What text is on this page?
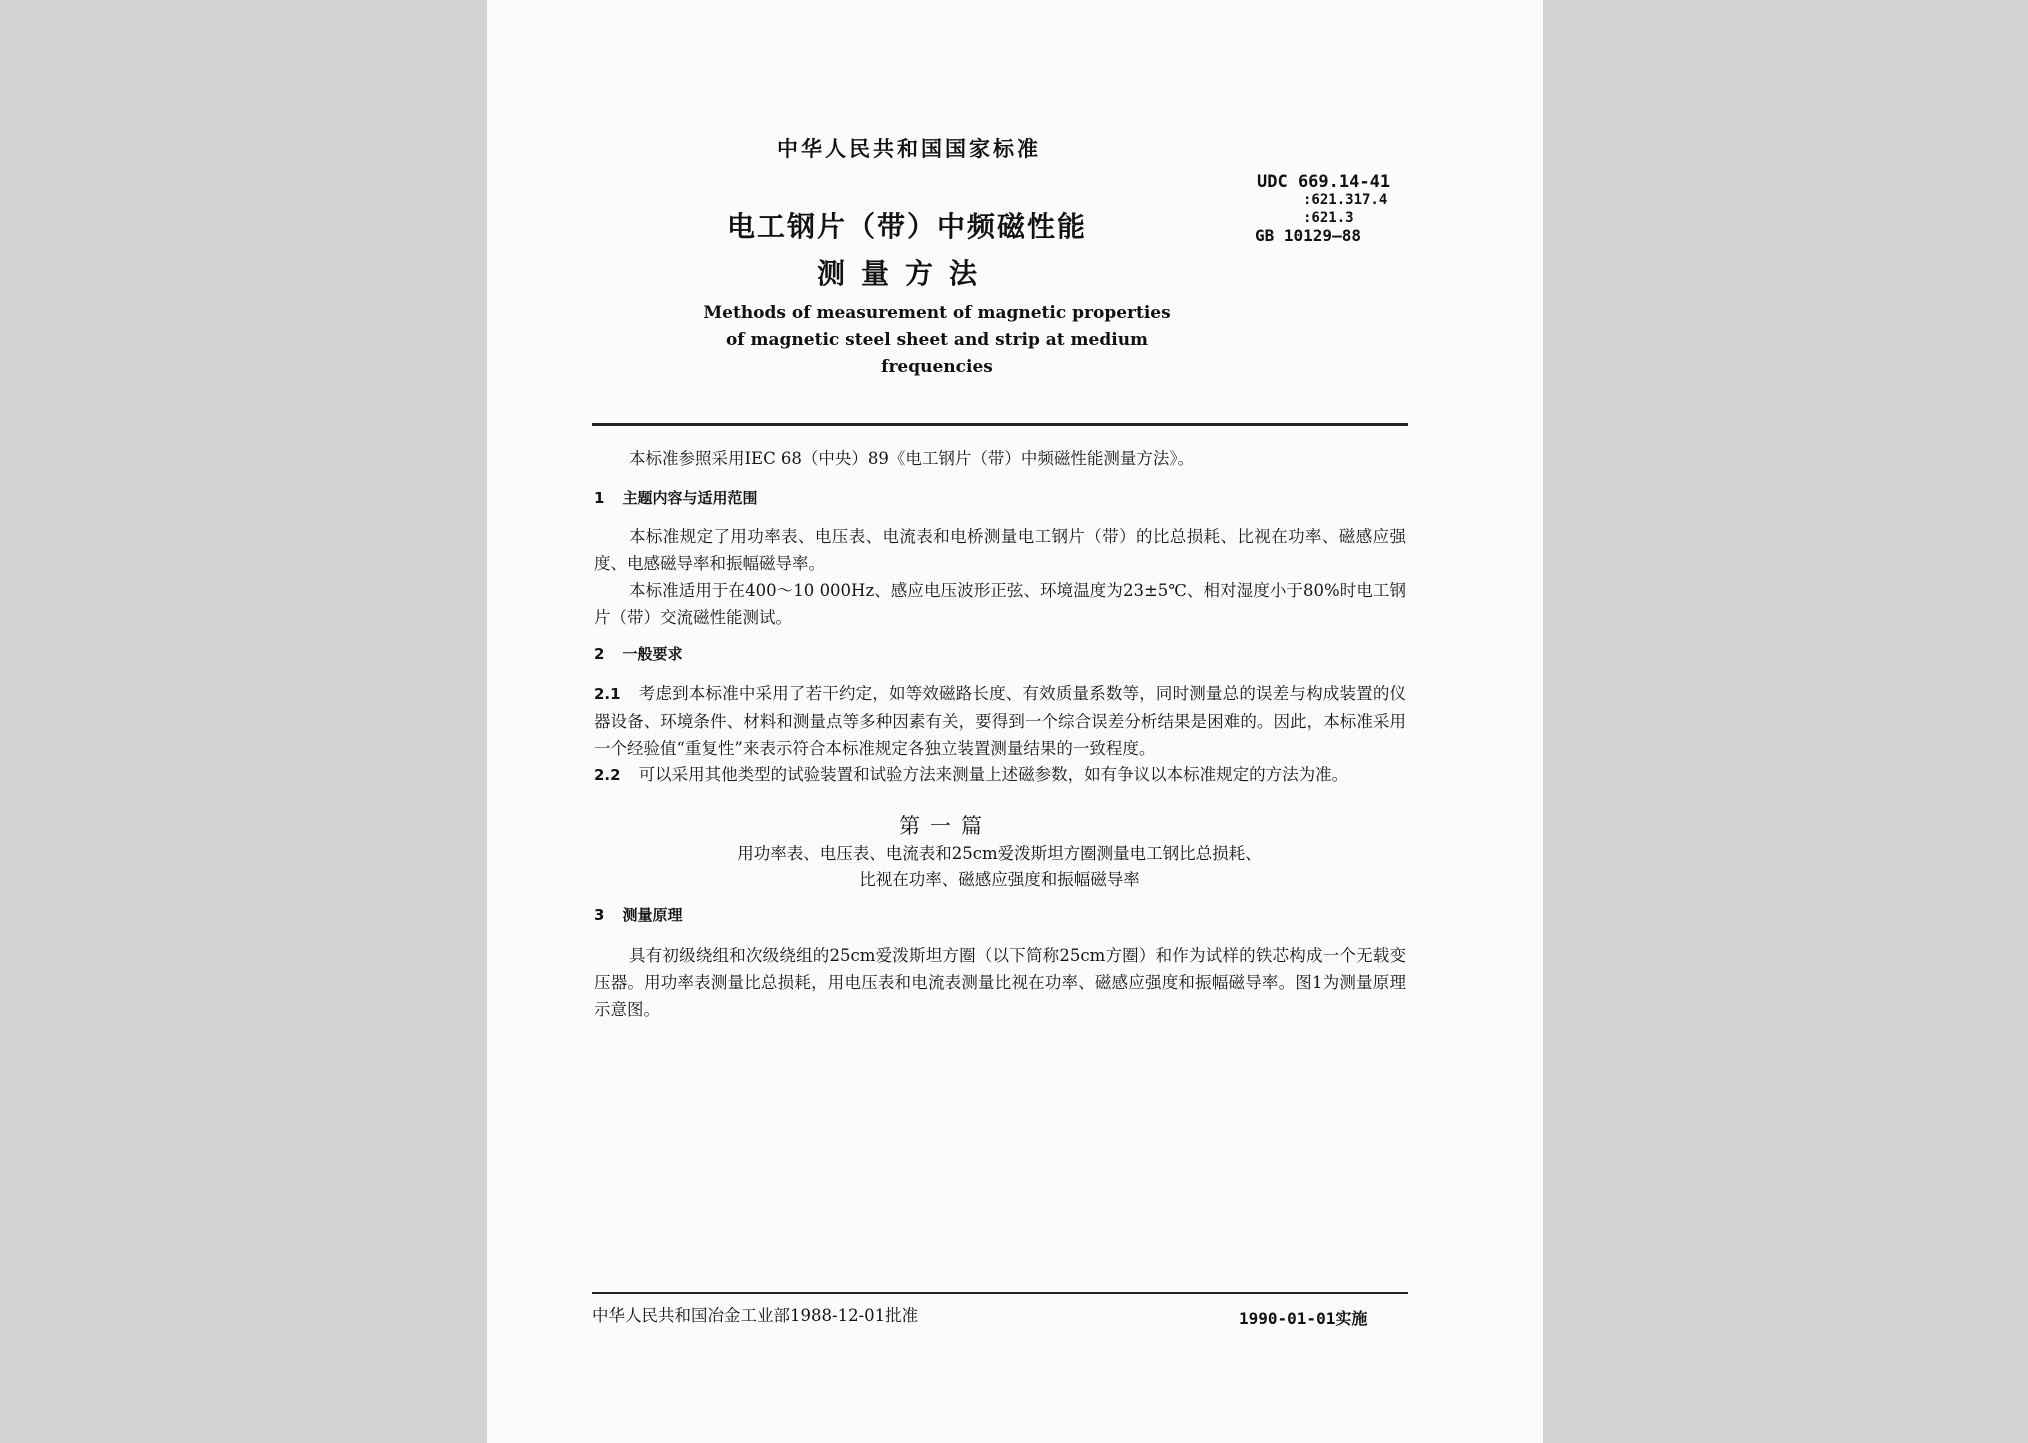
中华人民共和国国家标准
电工钢片（带）中频磁性能
测量方法
Methods of measurement of magnetic properties of magnetic steel sheet and strip at medium frequencies
UDC 669.14-41
:621.317.4
:621.3
GB 10129—88
本标准参照采用IEC 68（中央）89《电工钢片（带）中频磁性能测量方法》。
1 主题内容与适用范围
本标准规定了用功率表、电压表、电流表和电桥测量电工钢片（带）的比总损耗、比视在功率、磁感应强度、电感磁导率和振幅磁导率。
本标准适用于在400～10 000Hz、感应电压波形正弦、环境温度为23±5℃、相对湿度小于80%时电工钢片（带）交流磁性能测试。
2 一般要求
2.1 考虑到本标准中采用了若干约定，如等效磁路长度、有效质量系数等，同时测量总的误差与构成装置的仪器设备、环境条件、材料和测量点等多种因素有关，要得到一个综合误差分析结果是困难的。因此，本标准采用一个经验值“重复性”来表示符合本标准规定各独立装置测量结果的一致程度。
2.2 可以采用其他类型的试验装置和试验方法来测量上述磁参数，如有争议以本标准规定的方法为准。
第一篇
用功率表、电压表、电流表和25cm爱泼斯坦方圈测量电工钢比总损耗、
比视在功率、磁感应强度和振幅磁导率
3 测量原理
具有初级绕组和次级绕组的25cm爱泼斯坦方圈（以下简称25cm方圈）和作为试样的铁芯构成一个无载变压器。用功率表测量比总损耗，用电压表和电流表测量比视在功率、磁感应强度和振幅磁导率。图1为测量原理示意图。
中华人民共和国冶金工业部1988-12-01批准	1990-01-01实施
